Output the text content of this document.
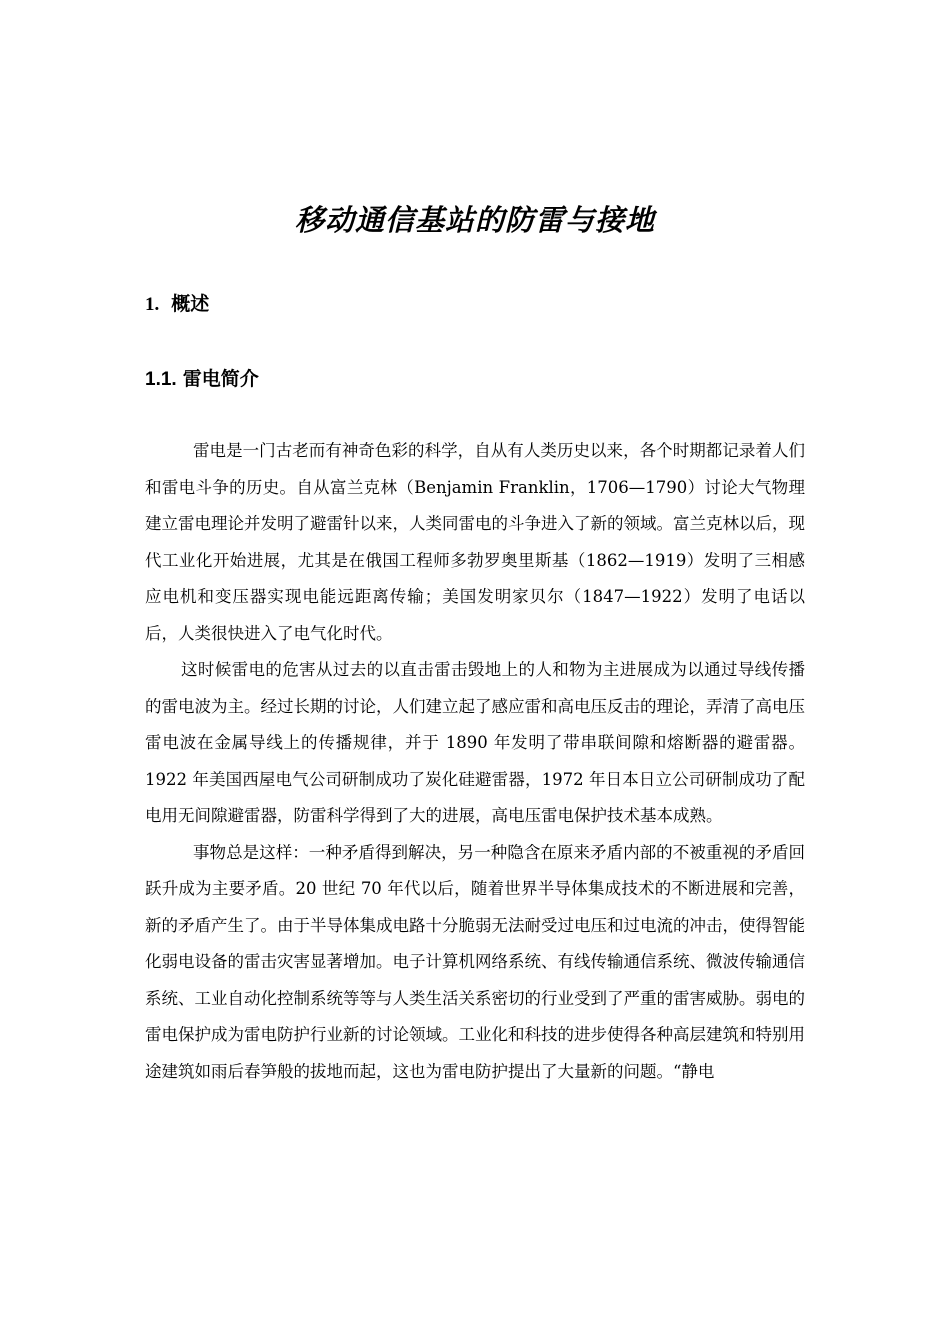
移动通信基站的防雷与接地
1. 概述
1.1. 雷电简介

雷电是一门古老而有神奇色彩的科学，自从有人类历史以来，各个时期都记录着人们和雷电斗争的历史。自从富兰克林（Benjamin Franklin，1706—1790）讨论大气物理建立雷电理论并发明了避雷针以来，人类同雷电的斗争进入了新的领域。富兰克林以后，现代工业化开始进展，尤其是在俄国工程师多勃罗奥里斯基（1862—1919）发明了三相感应电机和变压器实现电能远距离传输；美国发明家贝尔（1847—1922）发明了电话以后，人类很快进入了电气化时代。

这时候雷电的危害从过去的以直击雷击毁地上的人和物为主进展成为以通过导线传播的雷电波为主。经过长期的讨论，人们建立起了感应雷和高电压反击的理论，弄清了高电压雷电波在金属导线上的传播规律，并于 1890 年发明了带串联间隙和熔断器的避雷器。1922 年美国西屋电气公司研制成功了炭化硅避雷器，1972 年日本日立公司研制成功了配电用无间隙避雷器，防雷科学得到了大的进展，高电压雷电保护技术基本成熟。

事物总是这样：一种矛盾得到解决，另一种隐含在原来矛盾内部的不被重视的矛盾回跃升成为主要矛盾。20 世纪 70 年代以后，随着世界半导体集成技术的不断进展和完善，新的矛盾产生了。由于半导体集成电路十分脆弱无法耐受过电压和过电流的冲击，使得智能化弱电设备的雷击灾害显著增加。电子计算机网络系统、有线传输通信系统、微波传输通信系统、工业自动化控制系统等等与人类生活关系密切的行业受到了严重的雷害威胁。弱电的雷电保护成为雷电防护行业新的讨论领域。工业化和科技的进步使得各种高层建筑和特别用途建筑如雨后春笋般的拔地而起，这也为雷电防护提出了大量新的问题。“静电
